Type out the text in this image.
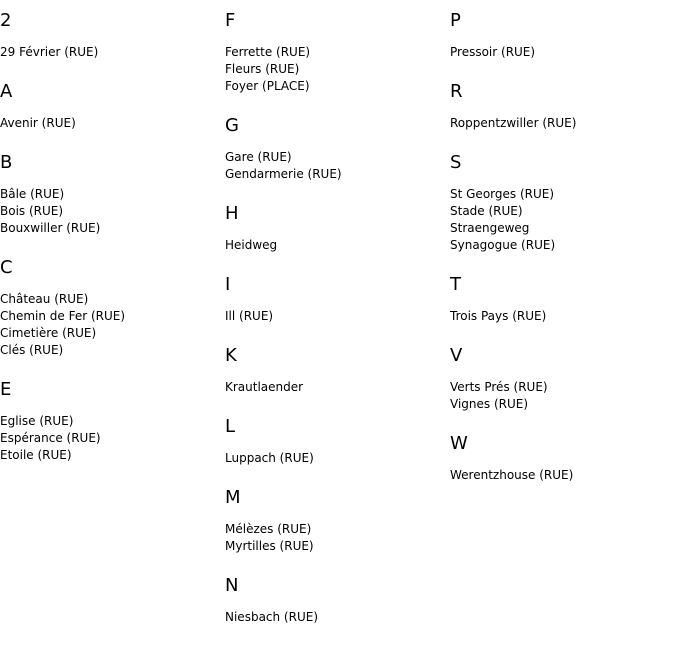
2
29 Février (RUE)
A
Avenir (RUE)
B
Bâle (RUE)
Bois (RUE)
Bouxwiller (RUE)
C
Château (RUE)
Chemin de Fer (RUE)
Cimetière (RUE)
Clés (RUE)
E
Eglise (RUE)
Espérance (RUE)
Etoile (RUE)
F
Ferrette (RUE)
Fleurs (RUE)
Foyer (PLACE)
G
Gare (RUE)
Gendarmerie (RUE)
H
Heidweg
I
Ill (RUE)
K
Krautlaender
L
Luppach (RUE)
M
Mélèzes (RUE)
Myrtilles (RUE)
N
Niesbach (RUE)
P
Pressoir (RUE)
R
Roppentzwiller (RUE)
S
St Georges (RUE)
Stade (RUE)
Straengeweg
Synagogue (RUE)
T
Trois Pays (RUE)
V
Verts Prés (RUE)
Vignes (RUE)
W
Werentzhouse (RUE)
